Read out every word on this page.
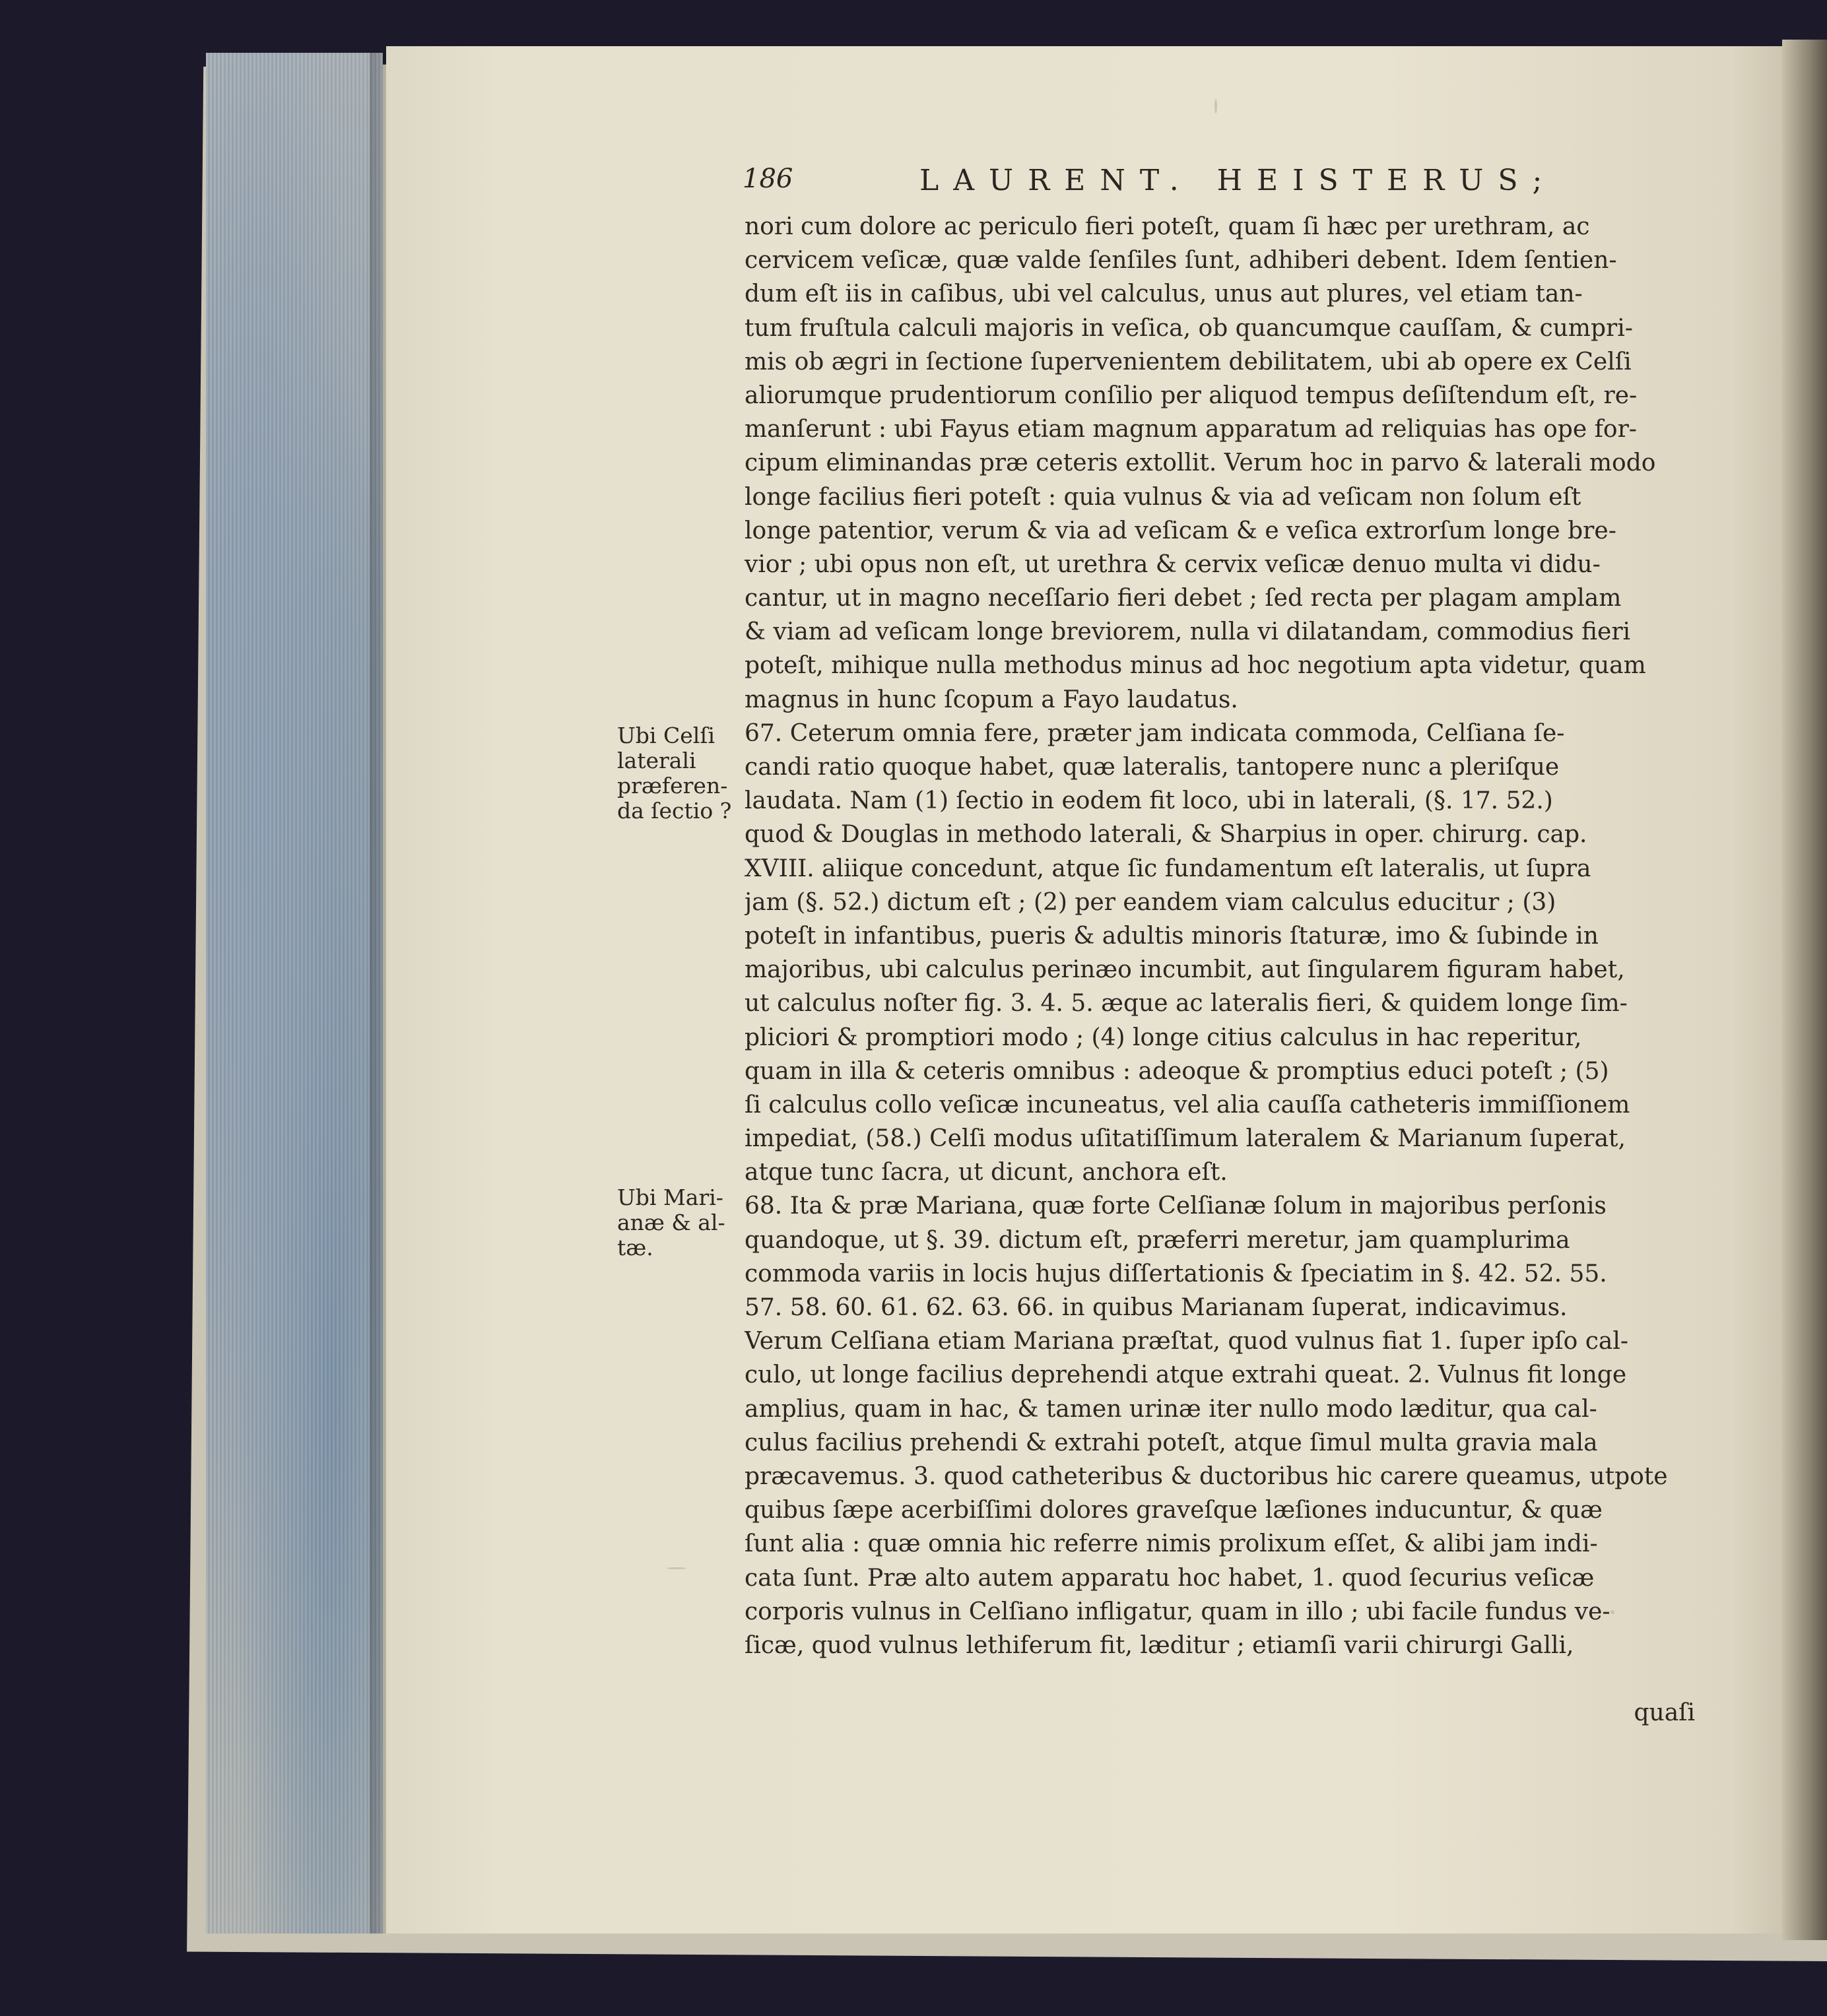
186	LAURENT. HEISTERUS;
Ubi Celſi
laterali
præferen-
da ſectio ?
Ubi Mari-
anæ & al-
tæ.
nori cum dolore ac periculo fieri poteſt, quam ſi hæc per urethram, ac
cervicem veſicæ, quæ valde ſenſiles ſunt, adhiberi debent. Idem ſentien-
dum eſt iis in caſibus, ubi vel calculus, unus aut plures, vel etiam tan-
tum fruſtula calculi majoris in veſica, ob quancumque cauſſam, & cumpri-
mis ob ægri in ſectione ſupervenientem debilitatem, ubi ab opere ex Celſi
aliorumque prudentiorum conſilio per aliquod tempus deſiſtendum eſt, re-
manſerunt : ubi Fayus etiam magnum apparatum ad reliquias has ope for-
cipum eliminandas præ ceteris extollit. Verum hoc in parvo & laterali modo
longe facilius fieri poteſt : quia vulnus & via ad veſicam non ſolum eſt
longe patentior, verum & via ad veſicam & e veſica extrorſum longe bre-
vior ; ubi opus non eſt, ut urethra & cervix veſicæ denuo multa vi didu-
cantur, ut in magno neceſſario fieri debet ; ſed recta per plagam amplam
& viam ad veſicam longe breviorem, nulla vi dilatandam, commodius fieri
poteſt, mihique nulla methodus minus ad hoc negotium apta videtur, quam
magnus in hunc ſcopum a Fayo laudatus.
67. Ceterum omnia fere, præter jam indicata commoda, Celſiana ſe-
candi ratio quoque habet, quæ lateralis, tantopere nunc a pleriſque
laudata. Nam (1) ſectio in eodem fit loco, ubi in laterali, (§. 17. 52.)
quod & Douglas in methodo laterali, & Sharpius in oper. chirurg. cap.
XVIII. aliique concedunt, atque ſic fundamentum eſt lateralis, ut ſupra
jam (§. 52.) dictum eſt ; (2) per eandem viam calculus educitur ; (3)
poteſt in infantibus, pueris & adultis minoris ſtaturæ, imo & ſubinde in
majoribus, ubi calculus perinæo incumbit, aut ſingularem figuram habet,
ut calculus noſter fig. 3. 4. 5. æque ac lateralis fieri, & quidem longe ſim-
pliciori & promptiori modo ; (4) longe citius calculus in hac reperitur,
quam in illa & ceteris omnibus : adeoque & promptius educi poteſt ; (5)
ſi calculus collo veſicæ incuneatus, vel alia cauſſa catheteris immiſſionem
impediat, (58.) Celſi modus uſitatiſſimum lateralem & Marianum ſuperat,
atque tunc ſacra, ut dicunt, anchora eſt.
68. Ita & præ Mariana, quæ forte Celſianæ ſolum in majoribus perſonis
quandoque, ut §. 39. dictum eſt, præferri meretur, jam quamplurima
commoda variis in locis hujus diſſertationis & ſpeciatim in §. 42. 52. 55.
57. 58. 60. 61. 62. 63. 66. in quibus Marianam ſuperat, indicavimus.
Verum Celſiana etiam Mariana præſtat, quod vulnus fiat 1. ſuper ipſo cal-
culo, ut longe facilius deprehendi atque extrahi queat. 2. Vulnus fit longe
amplius, quam in hac, & tamen urinæ iter nullo modo læditur, qua cal-
culus facilius prehendi & extrahi poteſt, atque ſimul multa gravia mala
præcavemus. 3. quod catheteribus & ductoribus hic carere queamus, utpote
quibus ſæpe acerbiſſimi dolores graveſque læſiones inducuntur, & quæ
ſunt alia : quæ omnia hic referre nimis prolixum eſſet, & alibi jam indi-
cata ſunt. Præ alto autem apparatu hoc habet, 1. quod ſecurius veſicæ
corporis vulnus in Celſiano infligatur, quam in illo ; ubi facile fundus ve-
ſicæ, quod vulnus lethiferum fit, læditur ; etiamſi varii chirurgi Galli,
quaſi
